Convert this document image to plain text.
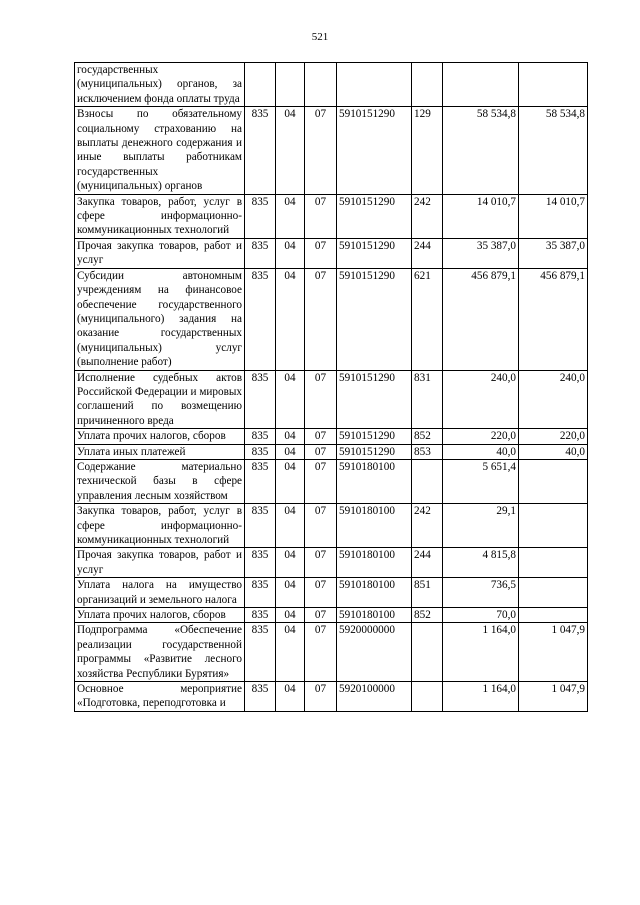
521
государственных (муниципальных) органов, за исключением фонда оплаты труда							
Взносы по обязательному социальному страхованию на выплаты денежного содержания и иные выплаты работникам государственных (муниципальных) органов	835	04	07	5910151290	129	58 534,8	58 534,8
Закупка товаров, работ, услуг в сфере информационно-коммуникационных технологий	835	04	07	5910151290	242	14 010,7	14 010,7
Прочая закупка товаров, работ и услуг	835	04	07	5910151290	244	35 387,0	35 387,0
Субсидии автономным учреждениям на финансовое обеспечение государственного (муниципального) задания на оказание государственных (муниципальных) услуг (выполнение работ)	835	04	07	5910151290	621	456 879,1	456 879,1
Исполнение судебных актов Российской Федерации и мировых соглашений по возмещению причиненного вреда	835	04	07	5910151290	831	240,0	240,0
Уплата прочих налогов, сборов	835	04	07	5910151290	852	220,0	220,0
Уплата иных платежей	835	04	07	5910151290	853	40,0	40,0
Содержание материально технической базы в сфере управления лесным хозяйством	835	04	07	5910180100		5 651,4	
Закупка товаров, работ, услуг в сфере информационно-коммуникационных технологий	835	04	07	5910180100	242	29,1	
Прочая закупка товаров, работ и услуг	835	04	07	5910180100	244	4 815,8	
Уплата налога на имущество организаций и земельного налога	835	04	07	5910180100	851	736,5	
Уплата прочих налогов, сборов	835	04	07	5910180100	852	70,0	
Подпрограмма «Обеспечение реализации государственной программы «Развитие лесного хозяйства Республики Бурятия»	835	04	07	5920000000		1 164,0	1 047,9
Основное мероприятие «Подготовка, переподготовка и	835	04	07	5920100000		1 164,0	1 047,9
